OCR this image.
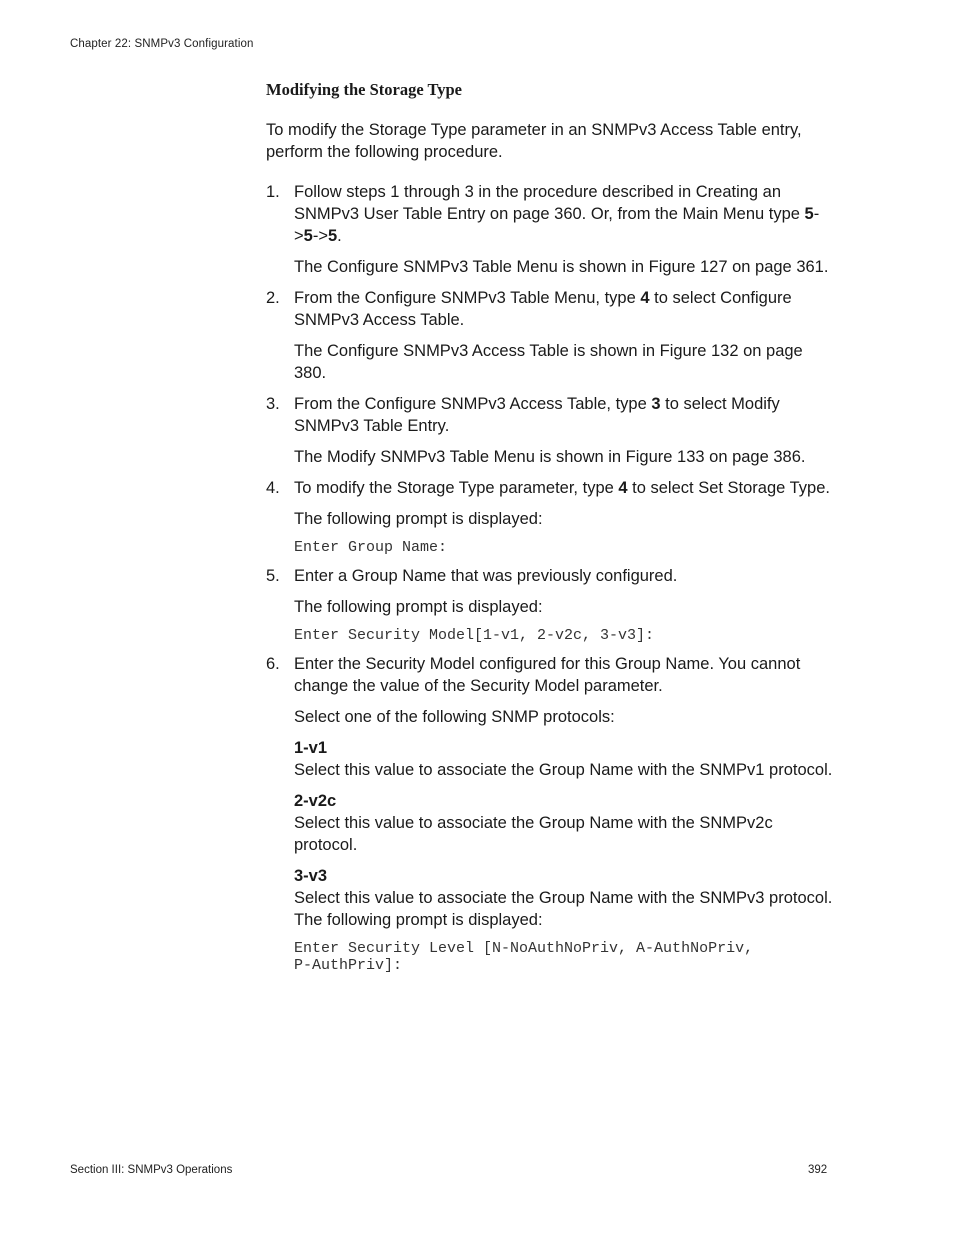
Chapter 22: SNMPv3 Configuration
Modifying the Storage Type

To modify the Storage Type parameter in an SNMPv3 Access Table entry, perform the following procedure.

1. Follow steps 1 through 3 in the procedure described in Creating an SNMPv3 User Table Entry on page 360. Or, from the Main Menu type 5->5->5.

The Configure SNMPv3 Table Menu is shown in Figure 127 on page 361.

2. From the Configure SNMPv3 Table Menu, type 4 to select Configure SNMPv3 Access Table.

The Configure SNMPv3 Access Table is shown in Figure 132 on page 380.

3. From the Configure SNMPv3 Access Table, type 3 to select Modify SNMPv3 Table Entry.

The Modify SNMPv3 Table Menu is shown in Figure 133 on page 386.

4. To modify the Storage Type parameter, type 4 to select Set Storage Type.

The following prompt is displayed:

Enter Group Name:
5. Enter a Group Name that was previously configured.

The following prompt is displayed:

Enter Security Model[1-v1, 2-v2c, 3-v3]:
6. Enter the Security Model configured for this Group Name. You cannot change the value of the Security Model parameter.

Select one of the following SNMP protocols:

1-v1
Select this value to associate the Group Name with the SNMPv1 protocol.
2-v2c
Select this value to associate the Group Name with the SNMPv2c protocol.
3-v3
Select this value to associate the Group Name with the SNMPv3 protocol.

The following prompt is displayed:

Enter Security Level [N-NoAuthNoPriv, A-AuthNoPriv,
P-AuthPriv]:
Section III: SNMPv3 Operations	392
